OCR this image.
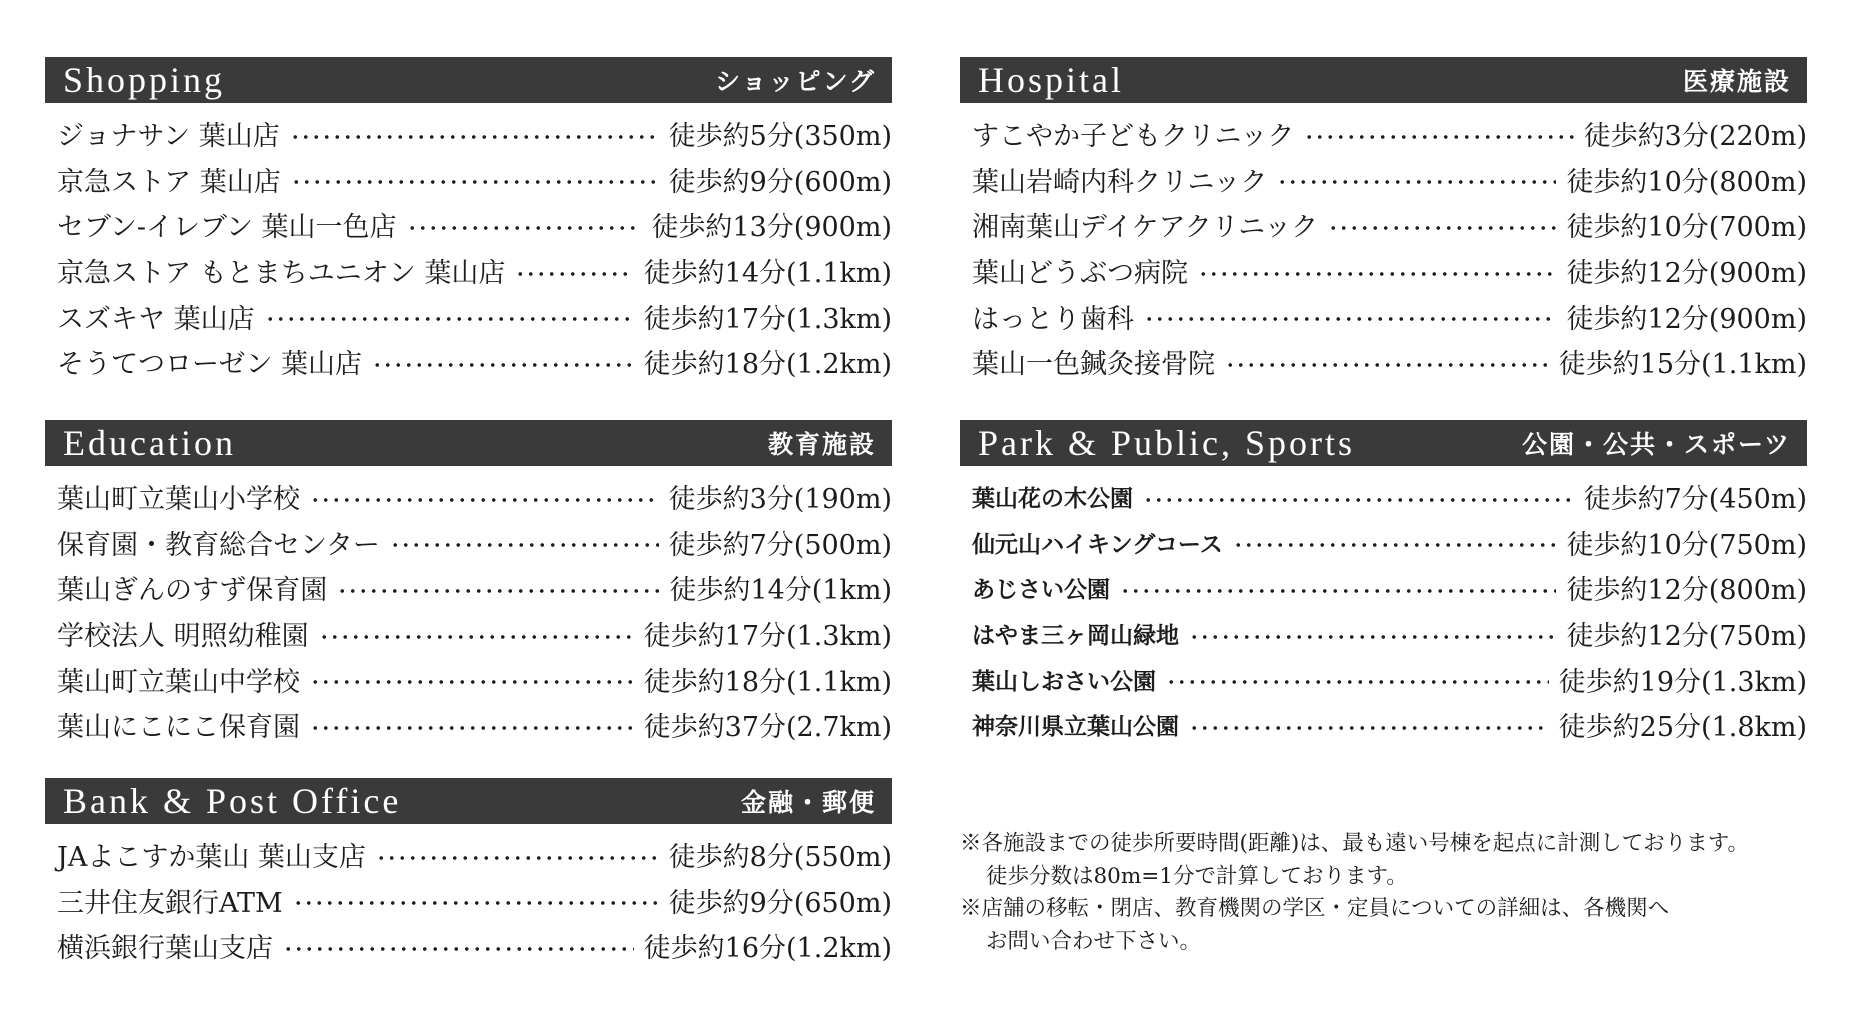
Shopping	ショッピング
ジョナサン 葉山店	徒歩約5分(350m)
京急ストア 葉山店	徒歩約9分(600m)
セブン-イレブン 葉山一色店	徒歩約13分(900m)
京急ストア もとまちユニオン 葉山店	徒歩約14分(1.1km)
スズキヤ 葉山店	徒歩約17分(1.3km)
そうてつローゼン 葉山店	徒歩約18分(1.2km)
Education	教育施設
葉山町立葉山小学校	徒歩約3分(190m)
保育園・教育総合センター	徒歩約7分(500m)
葉山ぎんのすず保育園	徒歩約14分(1km)
学校法人 明照幼稚園	徒歩約17分(1.3km)
葉山町立葉山中学校	徒歩約18分(1.1km)
葉山にこにこ保育園	徒歩約37分(2.7km)
Bank & Post Office	金融・郵便
JAよこすか葉山 葉山支店	徒歩約8分(550m)
三井住友銀行ATM	徒歩約9分(650m)
横浜銀行葉山支店	徒歩約16分(1.2km)
Hospital	医療施設
すこやか子どもクリニック	徒歩約3分(220m)
葉山岩崎内科クリニック	徒歩約10分(800m)
湘南葉山デイケアクリニック	徒歩約10分(700m)
葉山どうぶつ病院	徒歩約12分(900m)
はっとり歯科	徒歩約12分(900m)
葉山一色鍼灸接骨院	徒歩約15分(1.1km)
Park & Public, Sports	公園・公共・スポーツ
葉山花の木公園	徒歩約7分(450m)
仙元山ハイキングコース	徒歩約10分(750m)
あじさい公園	徒歩約12分(800m)
はやま三ヶ岡山緑地	徒歩約12分(750m)
葉山しおさい公園	徒歩約19分(1.3km)
神奈川県立葉山公園	徒歩約25分(1.8km)

※各施設までの徒歩所要時間(距離)は、最も遠い号棟を起点に計測しております。

徒歩分数は80m=1分で計算しております。

※店舗の移転・閉店、教育機関の学区・定員についての詳細は、各機関へ

お問い合わせ下さい。
